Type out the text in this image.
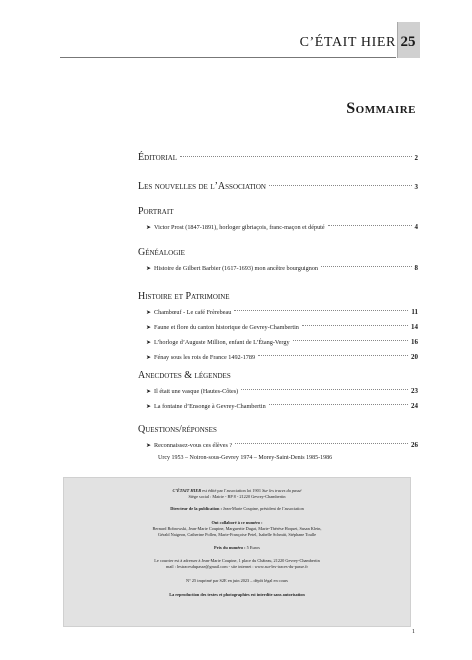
C’ÉTAIT HIER 25
Sommaire
Éditorial	2
Les nouvelles de l’Association	3
Portrait
➤ Victor Prost (1847-1891), horloger gibriaçois, franc-maçon et député	4
Généalogie
➤ Histoire de Gilbert Barbier (1617-1693) mon ancêtre bourguignon	8
Histoire et Patrimoine
➤ Chambœuf - Le café Frèrebeau	11
➤ Faune et flore du canton historique de Gevrey-Chambertin	14
➤ L’horloge d’Auguste Million, enfant de L’Étang-Vergy	16
➤ Fénay sous les rois de France 1492-1789	20
Anecdotes & légendes
➤ Il était une vasque (Hautes-Côtes)	23
➤ La fontaine d’Ensonge à Gevrey-Chambertin	24
Questions/réponses
➤ Reconnaissez-vous ces élèves ?	26
Urcy 1953 – Noiron-sous-Gevrey 1974 – Morey-Saint-Denis 1985-1986

C’ÉTAIT HIER est édité par l’association loi 1901 Sur les traces du passé

Siège social : Mairie - BP 8 - 21220 Gevrey-Chambertin

Directeur de la publication : Jean-Marie Coupine, président de l’association

Ont collaboré à ce numéro :

Bernard Bobrowski, Jean-Marie Coupine, Marguerite Dugat, Marie-Thérèse Hoquet, Susan Klein,

Gérald Naigeon, Catherine Pollen, Marie-Françoise Petel, Isabelle Schmitt, Stéphane Toulle

Prix du numéro : 5 Euros

Le courrier est à adresser à Jean-Marie Coupine, 1 place du Château, 21220 Gevrey-Chambertin

mail : lestracesdupasse@gmail.com - site internet : www.sur-les-traces-du-passe.fr

N° 25 imprimé par S2E en juin 2023 – dépôt légal en cours

La reproduction des textes et photographies est interdite sans autorisation

1
